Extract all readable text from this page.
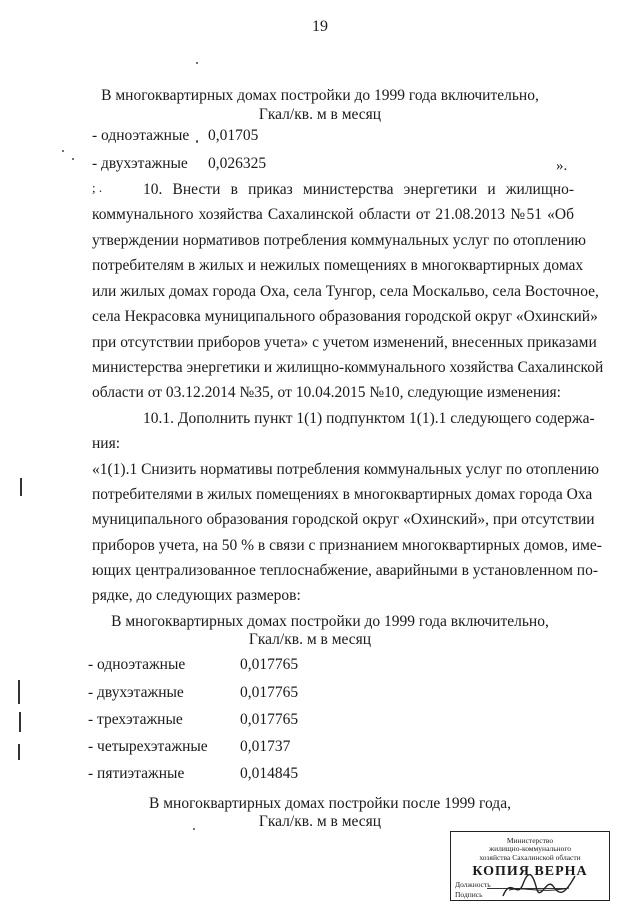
19
В многоквартирных домах постройки до 1999 года включительно,
Гкал/кв. м в месяц
- одноэтажные 0,01705
- двухэтажные 0,026325	».
; .	10. Внести в приказ министерства энергетики и жилищно-
коммунального хозяйства Сахалинской области от 21.08.2013 №51 «Об
утверждении нормативов потребления коммунальных услуг по отоплению
потребителям в жилых и нежилых помещениях в многоквартирных домах
или жилых домах города Оха, села Тунгор, села Москальво, села Восточное,
села Некрасовка муниципального образования городской округ «Охинский»
при отсутствии приборов учета» с учетом изменений, внесенных приказами
министерства энергетики и жилищно-коммунального хозяйства Сахалинской
области от 03.12.2014 №35, от 10.04.2015 №10, следующие изменения:
10.1. Дополнить пункт 1(1) подпунктом 1(1).1 следующего содержа-
ния:
«1(1).1 Снизить нормативы потребления коммунальных услуг по отоплению
потребителями в жилых помещениях в многоквартирных домах города Оха
муниципального образования городской округ «Охинский», при отсутствии
приборов учета, на 50 % в связи с признанием многоквартирных домов, име-
ющих централизованное теплоснабжение, аварийными в установленном по-
рядке, до следующих размеров:
В многоквартирных домах постройки до 1999 года включительно,
Гкал/кв. м в месяц
- одноэтажные	0,017765
- двухэтажные	0,017765
- трехэтажные	0,017765
- четырехэтажные 0,01737
- пятиэтажные	0,014845
В многоквартирных домах постройки после 1999 года,
Гкал/кв. м в месяц
Министерство
жилищно-коммунального
хозяйства Сахалинской области
КОПИЯ ВЕРНА
Должность
Подпись
